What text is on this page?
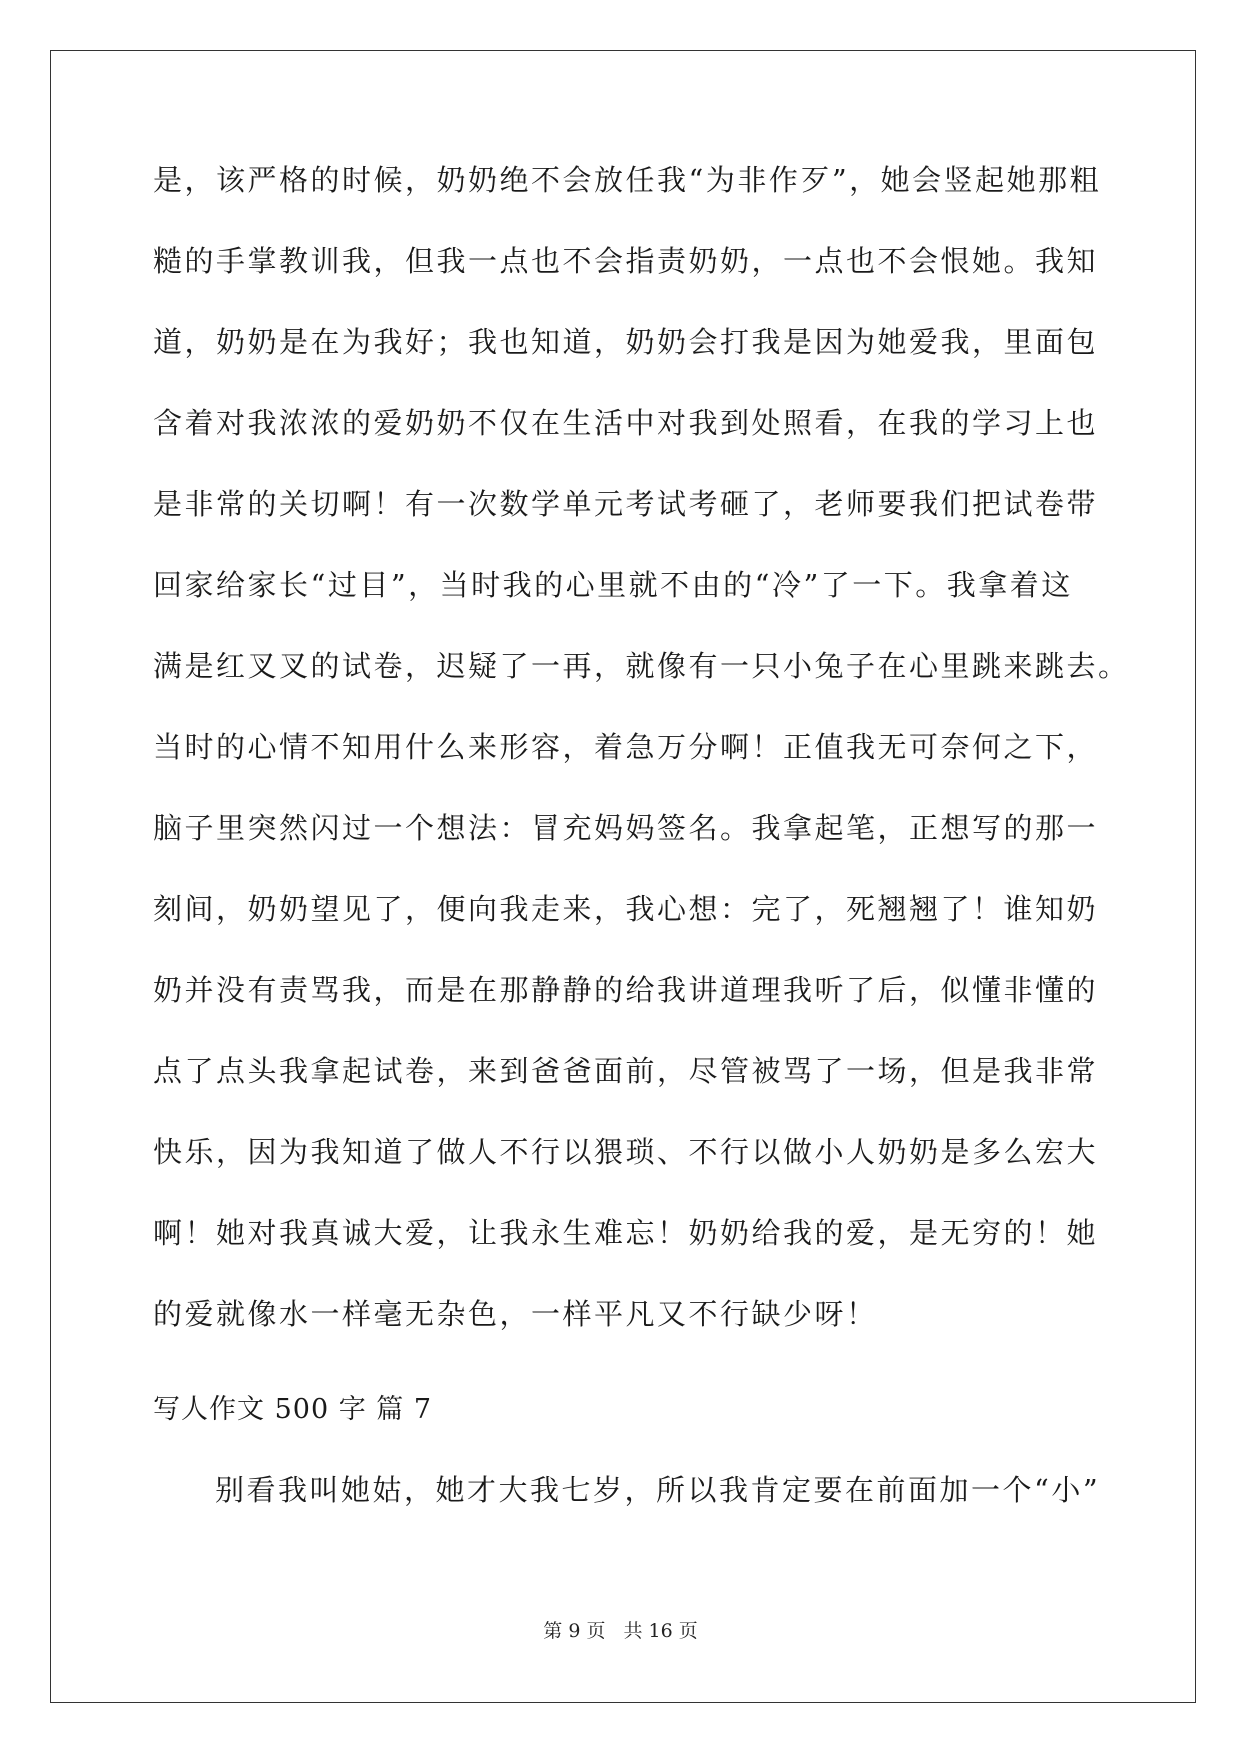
是，该严格的时候，奶奶绝不会放任我“为非作歹”，她会竖起她那粗
糙的手掌教训我，但我一点也不会指责奶奶，一点也不会恨她。我知
道，奶奶是在为我好；我也知道，奶奶会打我是因为她爱我，里面包
含着对我浓浓的爱奶奶不仅在生活中对我到处照看，在我的学习上也
是非常的关切啊！有一次数学单元考试考砸了，老师要我们把试卷带
回家给家长“过目”，当时我的心里就不由的“冷”了一下。我拿着这
满是红叉叉的试卷，迟疑了一再，就像有一只小兔子在心里跳来跳去。
当时的心情不知用什么来形容，着急万分啊！正值我无可奈何之下，
脑子里突然闪过一个想法：冒充妈妈签名。我拿起笔，正想写的那一
刻间，奶奶望见了，便向我走来，我心想：完了，死翘翘了！谁知奶
奶并没有责骂我，而是在那静静的给我讲道理我听了后，似懂非懂的
点了点头我拿起试卷，来到爸爸面前，尽管被骂了一场，但是我非常
快乐，因为我知道了做人不行以猥琐、不行以做小人奶奶是多么宏大
啊！她对我真诚大爱，让我永生难忘！奶奶给我的爱，是无穷的！她
的爱就像水一样毫无杂色，一样平凡又不行缺少呀！
写人作文 500 字 篇 7
别看我叫她姑，她才大我七岁，所以我肯定要在前面加一个“小”
第 9 页 共 16 页
